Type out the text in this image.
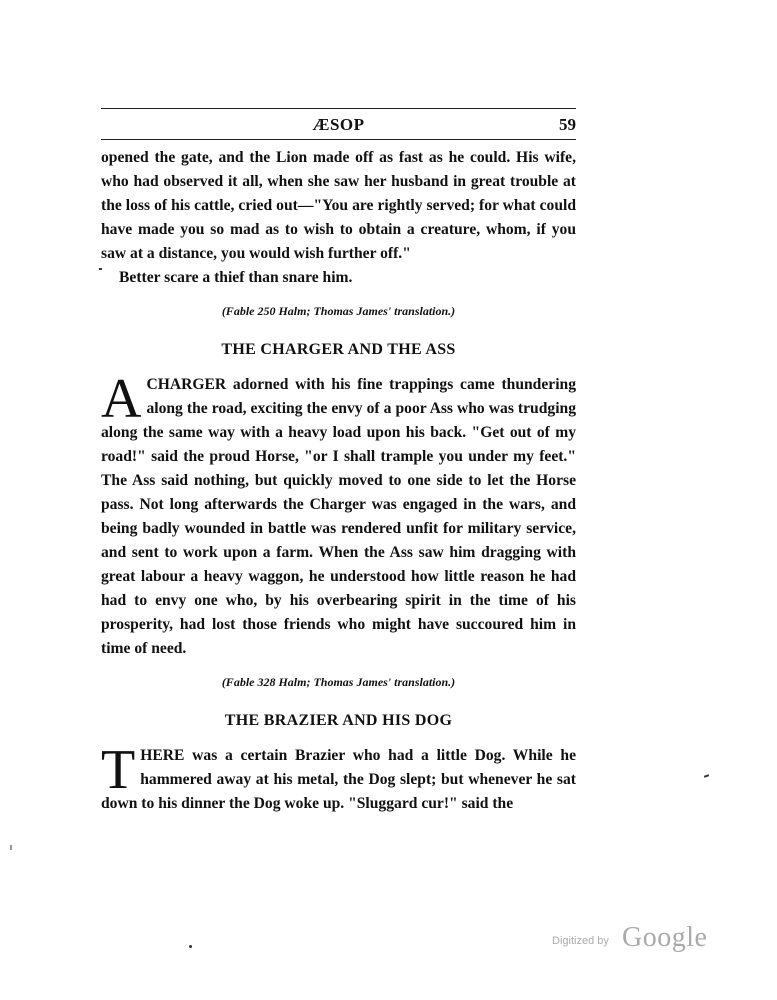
ÆSOP	59

opened the gate, and the Lion made off as fast as he could. His wife, who had observed it all, when she saw her husband in great trouble at the loss of his cattle, cried out—"You are rightly served; for what could have made you so mad as to wish to obtain a creature, whom, if you saw at a distance, you would wish further off."

Better scare a thief than snare him.

(Fable 250 Halm; Thomas James' translation.)

THE CHARGER AND THE ASS

ACHARGER adorned with his fine trappings came thundering along the road, exciting the envy of a poor Ass who was trudging along the same way with a heavy load upon his back. "Get out of my road!" said the proud Horse, "or I shall trample you under my feet." The Ass said nothing, but quickly moved to one side to let the Horse pass. Not long afterwards the Charger was engaged in the wars, and being badly wounded in battle was rendered unfit for military service, and sent to work upon a farm. When the Ass saw him dragging with great labour a heavy waggon, he understood how little reason he had had to envy one who, by his overbearing spirit in the time of his prosperity, had lost those friends who might have succoured him in time of need.

(Fable 328 Halm; Thomas James' translation.)

THE BRAZIER AND HIS DOG

THERE was a certain Brazier who had a little Dog. While he hammered away at his metal, the Dog slept; but whenever he sat down to his dinner the Dog woke up. "Sluggard cur!" said the

Digitized by Google
